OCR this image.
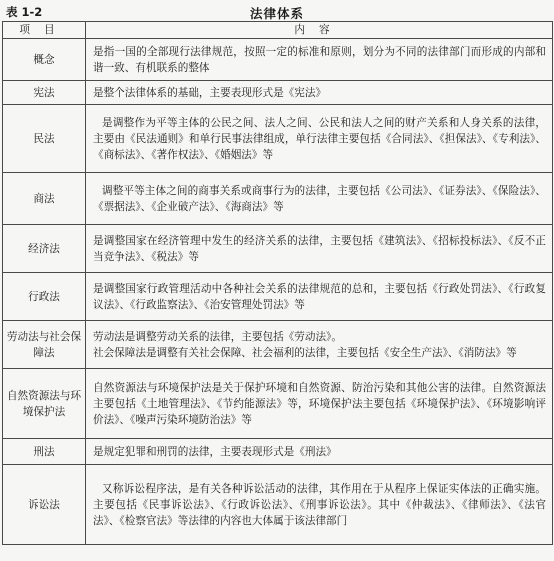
表 1-2	法律体系
项目	内容
概念	是指一国的全部现行法律规范，按照一定的标准和原则，划分为不同的法律部门而形成的内部和谐一致、有机联系的整体

宪法	是整个法律体系的基础，主要表现形式是《宪法》

民法	是调整作为平等主体的公民之间、法人之间、公民和法人之间的财产关系和人身关系的法律，主要由《民法通则》和单行民事法律组成，单行法律主要包括《合同法》、《担保法》、《专利法》、《商标法》、《著作权法》、《婚姻法》等

商法	调整平等主体之间的商事关系或商事行为的法律，主要包括《公司法》、《证券法》、《保险法》、《票据法》、《企业破产法》、《海商法》等

经济法	是调整国家在经济管理中发生的经济关系的法律，主要包括《建筑法》、《招标投标法》、《反不正当竞争法》、《税法》等

行政法	是调整国家行政管理活动中各种社会关系的法律规范的总和，主要包括《行政处罚法》、《行政复议法》、《行政监察法》、《治安管理处罚法》等

劳动法与社会保障法	劳动法是调整劳动关系的法律，主要包括《劳动法》。
社会保障法是调整有关社会保障、社会福利的法律，主要包括《安全生产法》、《消防法》等

自然资源法与环境保护法	自然资源法与环境保护法是关于保护环境和自然资源、防治污染和其他公害的法律。自然资源法主要包括《土地管理法》、《节约能源法》等，环境保护法主要包括《环境保护法》、《环境影响评价法》、《噪声污染环境防治法》等

刑法	是规定犯罪和刑罚的法律，主要表现形式是《刑法》

诉讼法	又称诉讼程序法，是有关各种诉讼活动的法律，其作用在于从程序上保证实体法的正确实施。主要包括《民事诉讼法》、《行政诉讼法》、《刑事诉讼法》。其中《仲裁法》、《律师法》、《法官法》、《检察官法》等法律的内容也大体属于该法律部门
